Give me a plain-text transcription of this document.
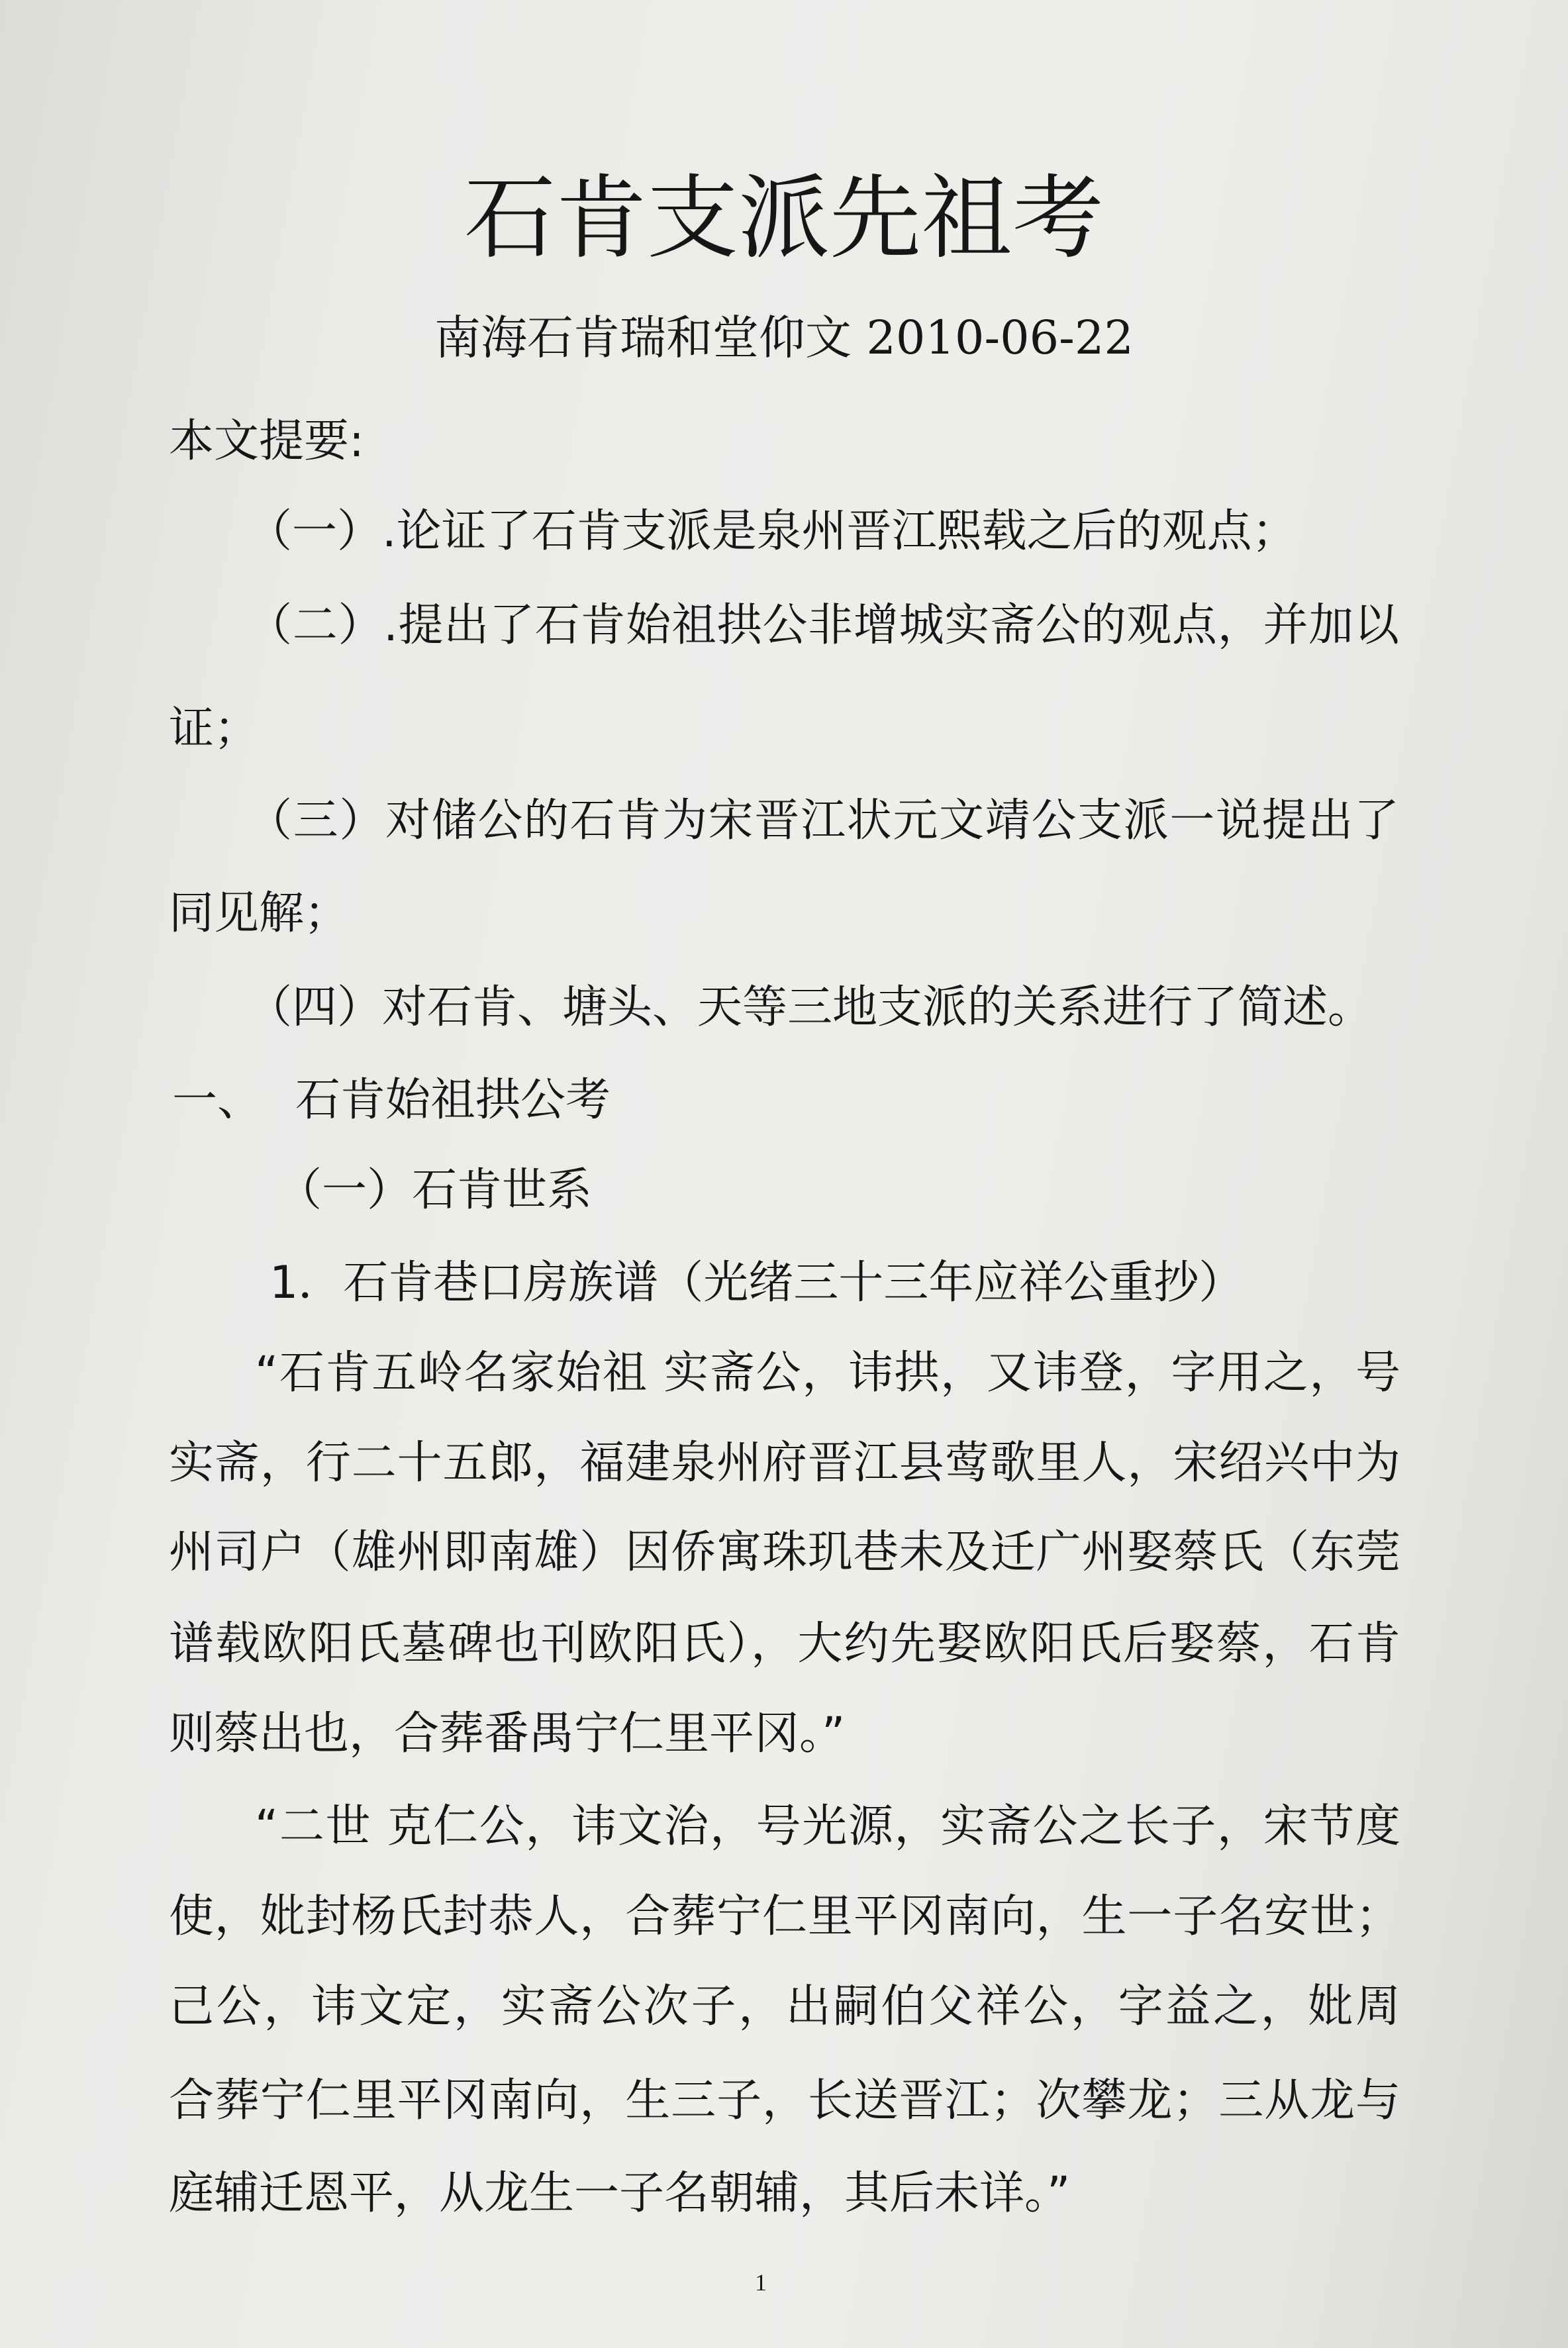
石肯支派先祖考
南海石肯瑞和堂仰文 2010-06-22
本文提要:
（一）.论证了石肯支派是泉州晋江熙载之后的观点；
（二）.提出了石肯始祖拱公非增城实斋公的观点，并加以
证；
（三）对储公的石肯为宋晋江状元文靖公支派一说提出了
同见解；
（四）对石肯、塘头、天等三地支派的关系进行了简述。
一、 石肯始祖拱公考
（一）石肯世系
1．石肯巷口房族谱（光绪三十三年应祥公重抄）
“石肯五岭名家始祖 实斋公，讳拱，又讳登，字用之，号
实斋，行二十五郎，福建泉州府晋江县莺歌里人，宋绍兴中为
州司户（雄州即南雄）因侨寓珠玑巷未及迁广州娶蔡氏（东莞
谱载欧阳氏墓碑也刊欧阳氏），大约先娶欧阳氏后娶蔡，石肯
则蔡出也，合葬番禺宁仁里平冈。”
“二世 克仁公，讳文治，号光源，实斋公之长子，宋节度
使，妣封杨氏封恭人，合葬宁仁里平冈南向，生一子名安世；
己公，讳文定，实斋公次子，出嗣伯父祥公，字益之，妣周
合葬宁仁里平冈南向，生三子，长送晋江；次攀龙；三从龙与
庭辅迁恩平，从龙生一子名朝辅，其后未详。”
1
